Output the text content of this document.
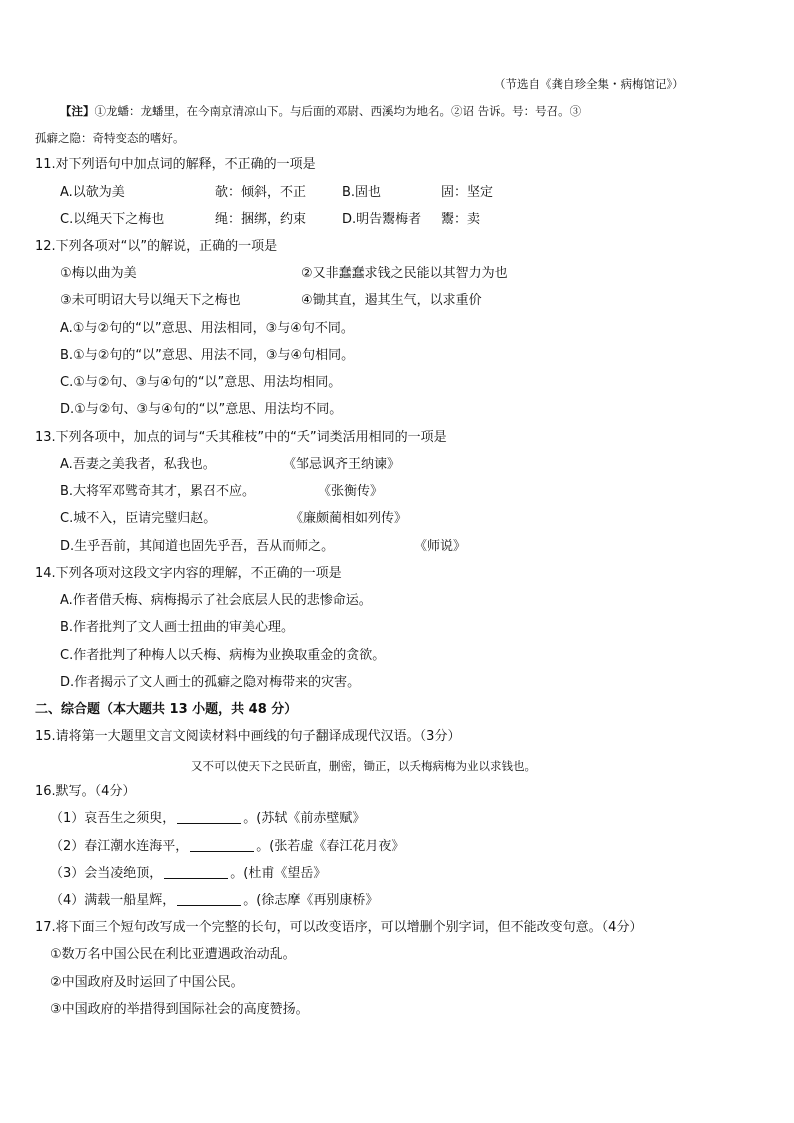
（节选自《龚自珍全集・病梅馆记》）
【注】①龙蟠：龙蟠里，在今南京清凉山下。与后面的邓尉、西溪均为地名。②诏 告诉。号：号召。③
孤癖之隐：奇特变态的嗜好。
11.对下列语句中加点词的解释，不正确的一项是
A.以欹为美	欹：倾斜，不正	B.固也	固：坚定
C.以绳天下之梅也	绳：捆绑，约束	D.明告鬻梅者 鬻：卖
12.下列各项对“以”的解说，正确的一项是
①梅以曲为美	②又非蠢蠢求钱之民能以其智力为也
③未可明诏大号以绳天下之梅也	④锄其直，遏其生气，以求重价
A.①与②句的“以”意思、用法相同，③与④句不同。
B.①与②句的“以”意思、用法不同，③与④句相同。
C.①与②句、③与④句的“以”意思、用法均相同。
D.①与②句、③与④句的“以”意思、用法均不同。
13.下列各项中，加点的词与“夭其稚枝”中的“夭”词类活用相同的一项是
A.吾妻之美我者，私我也。	《邹忌讽齐王纳谏》
B.大将军邓骘奇其才，累召不应。	《张衡传》
C.城不入，臣请完璧归赵。	《廉颇蔺相如列传》
D.生乎吾前，其闻道也固先乎吾，吾从而师之。	《师说》
14.下列各项对这段文字内容的理解，不正确的一项是
A.作者借夭梅、病梅揭示了社会底层人民的悲惨命运。
B.作者批判了文人画士扭曲的审美心理。
C.作者批判了种梅人以夭梅、病梅为业换取重金的贪欲。
D.作者揭示了文人画士的孤癖之隐对梅带来的灾害。
二、综合题（本大题共 13 小题，共 48 分）
15.请将第一大题里文言文阅读材料中画线的句子翻译成现代汉语。（3分）
又不可以使天下之民斫直，删密，锄正，以夭梅病梅为业以求钱也。
16.默写。（4分）
（1）哀吾生之须臾，	。(苏轼《前赤壁赋》
（2）春江潮水连海平，	。(张若虚《春江花月夜》
（3）会当凌绝顶，	。(杜甫《望岳》
（4）满载一船星辉，	。(徐志摩《再别康桥》
17.将下面三个短句改写成一个完整的长句，可以改变语序，可以增删个别字词，但不能改变句意。（4分）
①数万名中国公民在利比亚遭遇政治动乱。
②中国政府及时运回了中国公民。
③中国政府的举措得到国际社会的高度赞扬。
